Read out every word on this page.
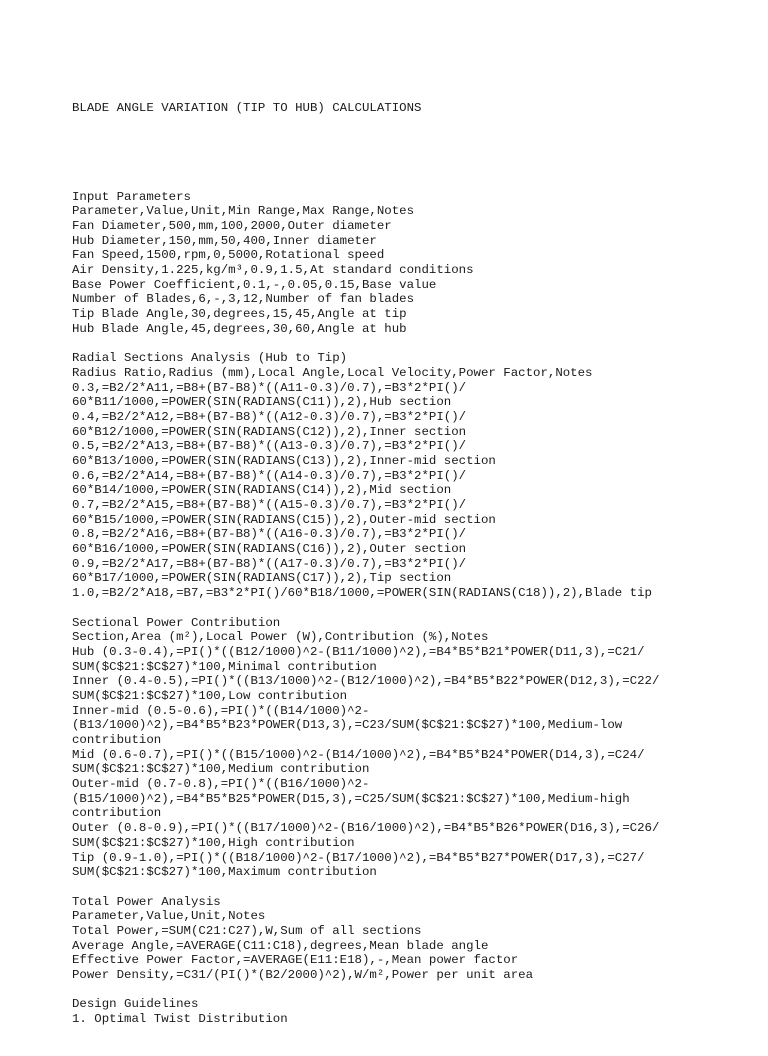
BLADE ANGLE VARIATION (TIP TO HUB) CALCULATIONS

Input Parameters
Parameter,Value,Unit,Min Range,Max Range,Notes
Fan Diameter,500,mm,100,2000,Outer diameter
Hub Diameter,150,mm,50,400,Inner diameter
Fan Speed,1500,rpm,0,5000,Rotational speed
Air Density,1.225,kg/m³,0.9,1.5,At standard conditions
Base Power Coefficient,0.1,-,0.05,0.15,Base value
Number of Blades,6,-,3,12,Number of fan blades
Tip Blade Angle,30,degrees,15,45,Angle at tip
Hub Blade Angle,45,degrees,30,60,Angle at hub
Radial Sections Analysis (Hub to Tip)
Radius Ratio,Radius (mm),Local Angle,Local Velocity,Power Factor,Notes
0.3,=B2/2*A11,=B8+(B7-B8)*((A11-0.3)/0.7),=B3*2*PI()/
60*B11/1000,=POWER(SIN(RADIANS(C11)),2),Hub section
0.4,=B2/2*A12,=B8+(B7-B8)*((A12-0.3)/0.7),=B3*2*PI()/
60*B12/1000,=POWER(SIN(RADIANS(C12)),2),Inner section
0.5,=B2/2*A13,=B8+(B7-B8)*((A13-0.3)/0.7),=B3*2*PI()/
60*B13/1000,=POWER(SIN(RADIANS(C13)),2),Inner-mid section
0.6,=B2/2*A14,=B8+(B7-B8)*((A14-0.3)/0.7),=B3*2*PI()/
60*B14/1000,=POWER(SIN(RADIANS(C14)),2),Mid section
0.7,=B2/2*A15,=B8+(B7-B8)*((A15-0.3)/0.7),=B3*2*PI()/
60*B15/1000,=POWER(SIN(RADIANS(C15)),2),Outer-mid section
0.8,=B2/2*A16,=B8+(B7-B8)*((A16-0.3)/0.7),=B3*2*PI()/
60*B16/1000,=POWER(SIN(RADIANS(C16)),2),Outer section
0.9,=B2/2*A17,=B8+(B7-B8)*((A17-0.3)/0.7),=B3*2*PI()/
60*B17/1000,=POWER(SIN(RADIANS(C17)),2),Tip section
1.0,=B2/2*A18,=B7,=B3*2*PI()/60*B18/1000,=POWER(SIN(RADIANS(C18)),2),Blade tip
Sectional Power Contribution
Section,Area (m²),Local Power (W),Contribution (%),Notes
Hub (0.3-0.4),=PI()*((B12/1000)^2-(B11/1000)^2),=B4*B5*B21*POWER(D11,3),=C21/
SUM($C$21:$C$27)*100,Minimal contribution
Inner (0.4-0.5),=PI()*((B13/1000)^2-(B12/1000)^2),=B4*B5*B22*POWER(D12,3),=C22/
SUM($C$21:$C$27)*100,Low contribution
Inner-mid (0.5-0.6),=PI()*((B14/1000)^2-
(B13/1000)^2),=B4*B5*B23*POWER(D13,3),=C23/SUM($C$21:$C$27)*100,Medium-low
contribution
Mid (0.6-0.7),=PI()*((B15/1000)^2-(B14/1000)^2),=B4*B5*B24*POWER(D14,3),=C24/
SUM($C$21:$C$27)*100,Medium contribution
Outer-mid (0.7-0.8),=PI()*((B16/1000)^2-
(B15/1000)^2),=B4*B5*B25*POWER(D15,3),=C25/SUM($C$21:$C$27)*100,Medium-high
contribution
Outer (0.8-0.9),=PI()*((B17/1000)^2-(B16/1000)^2),=B4*B5*B26*POWER(D16,3),=C26/
SUM($C$21:$C$27)*100,High contribution
Tip (0.9-1.0),=PI()*((B18/1000)^2-(B17/1000)^2),=B4*B5*B27*POWER(D17,3),=C27/
SUM($C$21:$C$27)*100,Maximum contribution
Total Power Analysis
Parameter,Value,Unit,Notes
Total Power,=SUM(C21:C27),W,Sum of all sections
Average Angle,=AVERAGE(C11:C18),degrees,Mean blade angle
Effective Power Factor,=AVERAGE(E11:E18),-,Mean power factor
Power Density,=C31/(PI()*(B2/2000)^2),W/m²,Power per unit area
Design Guidelines
1. Optimal Twist Distribution
